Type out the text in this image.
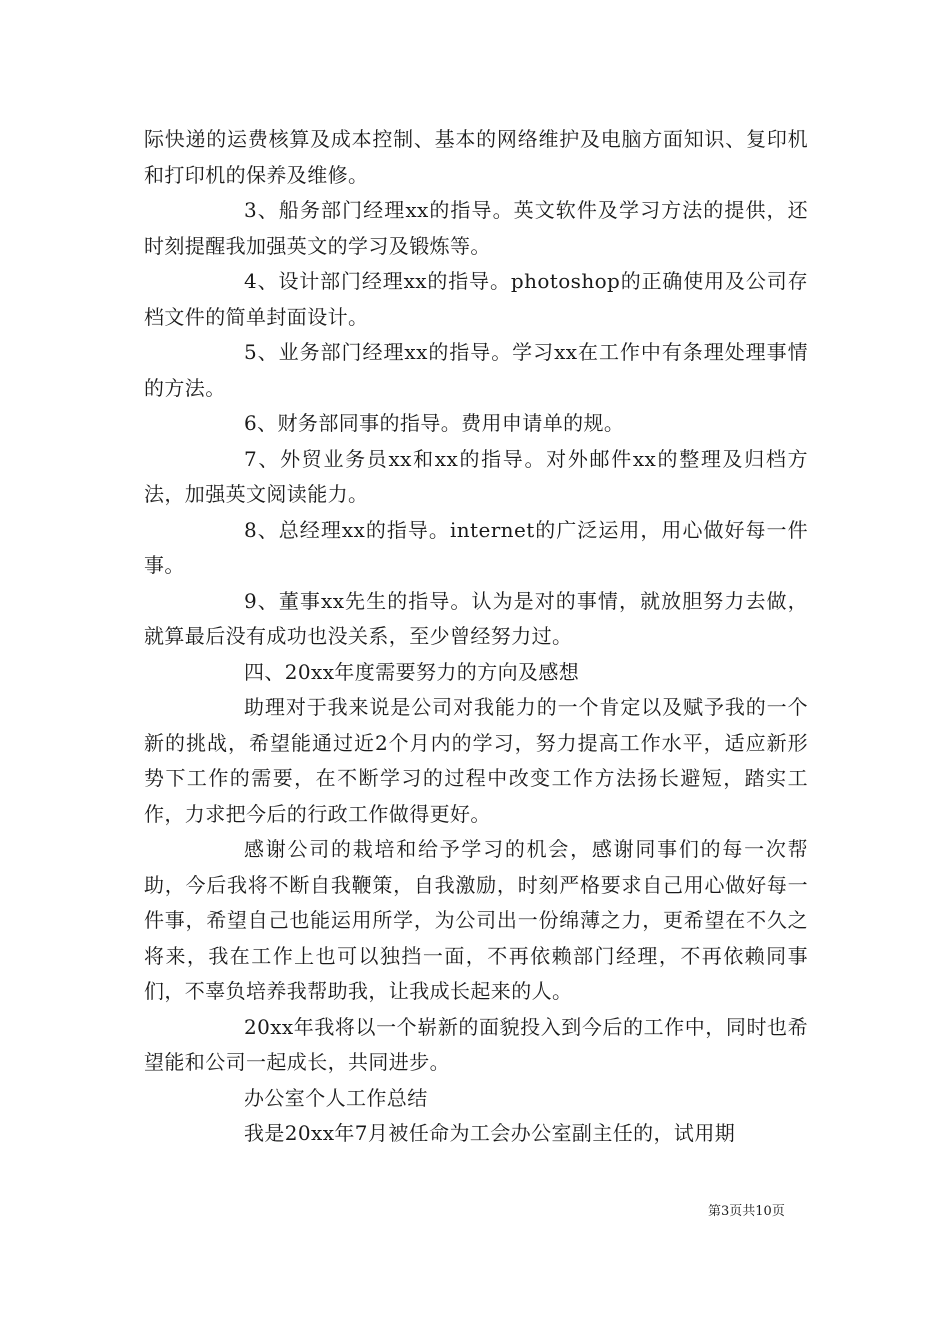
际快递的运费核算及成本控制、基本的网络维护及电脑方面知识、复印机和打印机的保养及维修。

3、船务部门经理xx的指导。英文软件及学习方法的提供，还时刻提醒我加强英文的学习及锻炼等。

4、设计部门经理xx的指导。photoshop的正确使用及公司存档文件的简单封面设计。

5、业务部门经理xx的指导。学习xx在工作中有条理处理事情的方法。

6、财务部同事的指导。费用申请单的规。

7、外贸业务员xx和xx的指导。对外邮件xx的整理及归档方法，加强英文阅读能力。

8、总经理xx的指导。internet的广泛运用，用心做好每一件事。

9、董事xx先生的指导。认为是对的事情，就放胆努力去做，就算最后没有成功也没关系，至少曾经努力过。

四、20xx年度需要努力的方向及感想

助理对于我来说是公司对我能力的一个肯定以及赋予我的一个新的挑战，希望能通过近2个月内的学习，努力提高工作水平，适应新形势下工作的需要，在不断学习的过程中改变工作方法扬长避短，踏实工作，力求把今后的行政工作做得更好。

感谢公司的栽培和给予学习的机会，感谢同事们的每一次帮助，今后我将不断自我鞭策，自我激励，时刻严格要求自己用心做好每一件事，希望自己也能运用所学，为公司出一份绵薄之力，更希望在不久之将来，我在工作上也可以独挡一面，不再依赖部门经理，不再依赖同事们，不辜负培养我帮助我，让我成长起来的人。

20xx年我将以一个崭新的面貌投入到今后的工作中，同时也希望能和公司一起成长，共同进步。

办公室个人工作总结

我是20xx年7月被任命为工会办公室副主任的，试用期

第3页共10页
